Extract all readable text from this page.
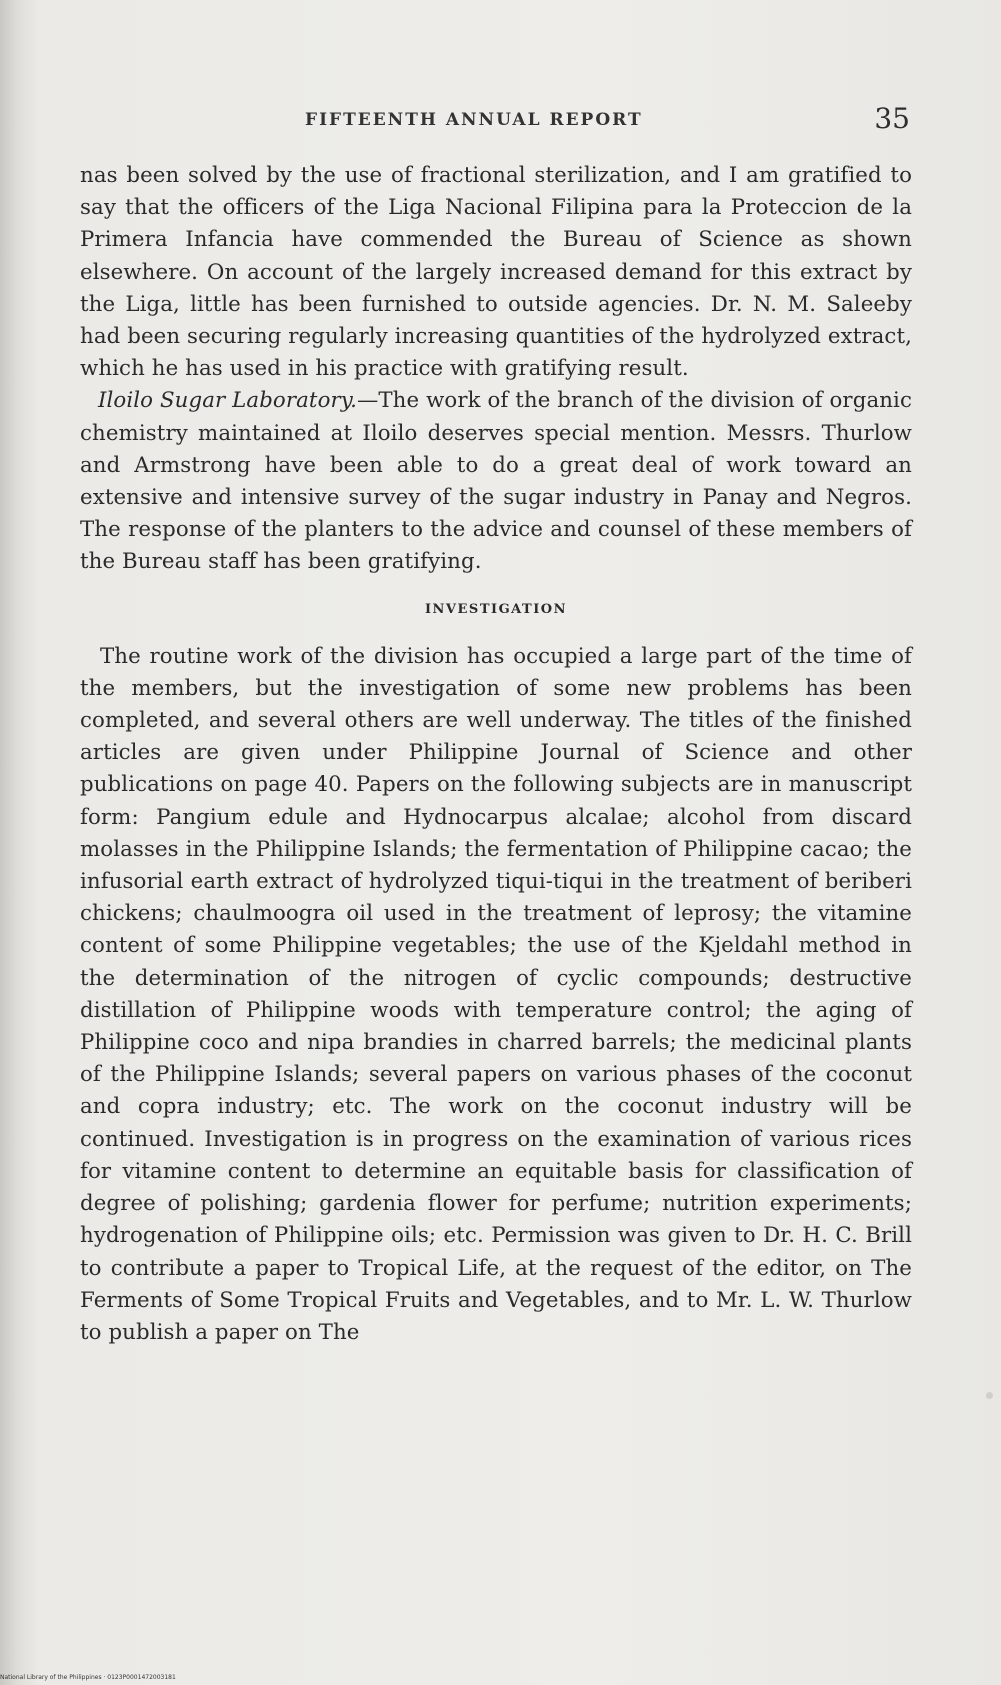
FIFTEENTH ANNUAL REPORT	35

nas been solved by the use of fractional sterilization, and I am gratified to say that the officers of the Liga Nacional Filipina para la Proteccion de la Primera Infancia have commended the Bureau of Science as shown elsewhere. On account of the largely increased demand for this extract by the Liga, little has been furnished to outside agencies. Dr. N. M. Saleeby had been securing regularly increasing quantities of the hydrolyzed extract, which he has used in his practice with gratifying result.

Iloilo Sugar Laboratory.—The work of the branch of the division of organic chemistry maintained at Iloilo deserves special mention. Messrs. Thurlow and Armstrong have been able to do a great deal of work toward an extensive and intensive survey of the sugar industry in Panay and Negros. The response of the planters to the advice and counsel of these members of the Bureau staff has been gratifying.

INVESTIGATION

The routine work of the division has occupied a large part of the time of the members, but the investigation of some new problems has been completed, and several others are well underway. The titles of the finished articles are given under Philippine Journal of Science and other publications on page 40. Papers on the following subjects are in manuscript form: Pangium edule and Hydnocarpus alcalae; alcohol from discard molasses in the Philippine Islands; the fermentation of Philippine cacao; the infusorial earth extract of hydrolyzed tiqui-tiqui in the treatment of beriberi chickens; chaulmoogra oil used in the treatment of leprosy; the vitamine content of some Philippine vegetables; the use of the Kjeldahl method in the determination of the nitrogen of cyclic compounds; destructive distillation of Philippine woods with temperature control; the aging of Philippine coco and nipa brandies in charred barrels; the medicinal plants of the Philippine Islands; several papers on various phases of the coconut and copra industry; etc. The work on the coconut industry will be continued. Investigation is in progress on the examination of various rices for vitamine content to determine an equitable basis for classification of degree of polishing; gardenia flower for perfume; nutrition experiments; hydrogenation of Philippine oils; etc. Permission was given to Dr. H. C. Brill to contribute a paper to Tropical Life, at the request of the editor, on The Ferments of Some Tropical Fruits and Vegetables, and to Mr. L. W. Thurlow to publish a paper on The

National Library of the Philippines · 0123P0001472003181
